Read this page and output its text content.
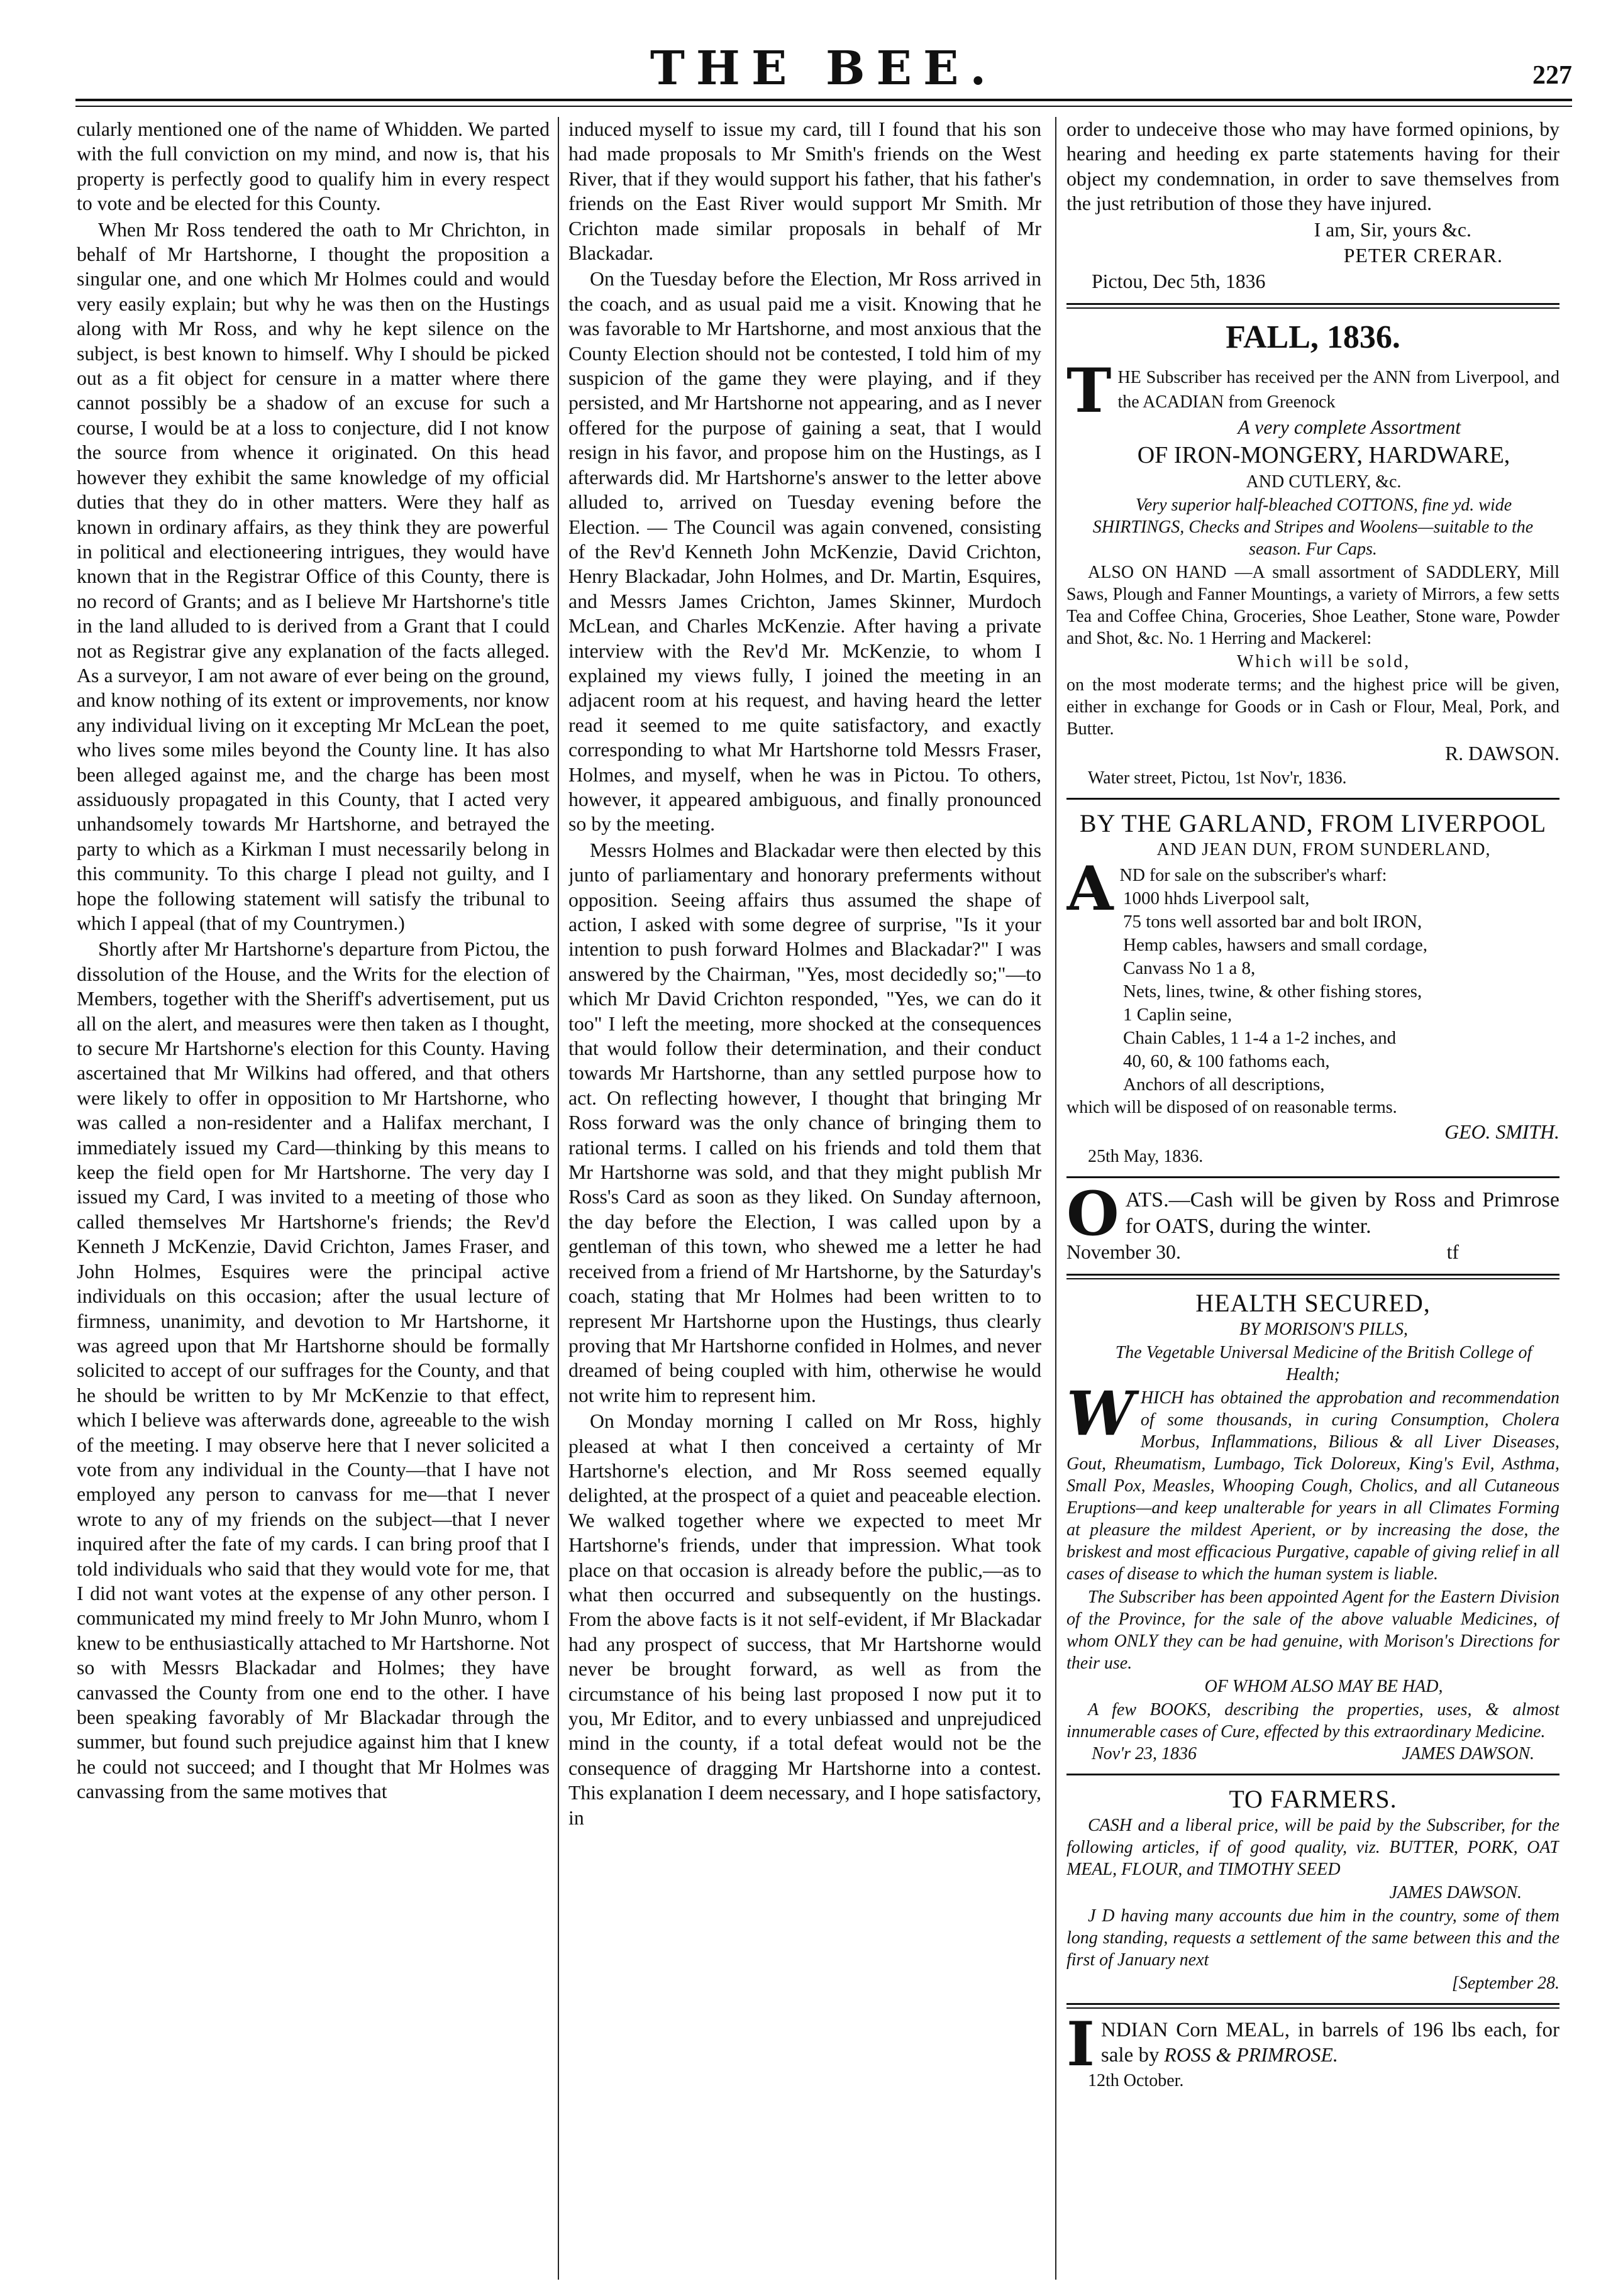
THE BEE.	227

cularly mentioned one of the name of Whidden. We parted with the full conviction on my mind, and now is, that his property is perfectly good to qualify him in every respect to vote and be elected for this County.

When Mr Ross tendered the oath to Mr Chrichton, in behalf of Mr Hartshorne, I thought the proposition a singular one, and one which Mr Holmes could and would very easily explain; but why he was then on the Hustings along with Mr Ross, and why he kept silence on the subject, is best known to himself. Why I should be picked out as a fit object for censure in a matter where there cannot possibly be a shadow of an excuse for such a course, I would be at a loss to conjecture, did I not know the source from whence it originated. On this head however they exhibit the same knowledge of my official duties that they do in other matters. Were they half as known in ordinary affairs, as they think they are powerful in political and electioneering intrigues, they would have known that in the Registrar Office of this County, there is no record of Grants; and as I believe Mr Hartshorne's title in the land alluded to is derived from a Grant that I could not as Registrar give any explanation of the facts alleged. As a surveyor, I am not aware of ever being on the ground, and know nothing of its extent or improvements, nor know any individual living on it excepting Mr McLean the poet, who lives some miles beyond the County line. It has also been alleged against me, and the charge has been most assiduously propagated in this County, that I acted very unhandsomely towards Mr Hartshorne, and betrayed the party to which as a Kirkman I must necessarily belong in this community. To this charge I plead not guilty, and I hope the following statement will satisfy the tribunal to which I appeal (that of my Countrymen.)

Shortly after Mr Hartshorne's departure from Pictou, the dissolution of the House, and the Writs for the election of Members, together with the Sheriff's advertisement, put us all on the alert, and measures were then taken as I thought, to secure Mr Hartshorne's election for this County. Having ascertained that Mr Wilkins had offered, and that others were likely to offer in opposition to Mr Hartshorne, who was called a non-residenter and a Halifax merchant, I immediately issued my Card—thinking by this means to keep the field open for Mr Hartshorne. The very day I issued my Card, I was invited to a meeting of those who called themselves Mr Hartshorne's friends; the Rev'd Kenneth J McKenzie, David Crichton, James Fraser, and John Holmes, Esquires were the principal active individuals on this occasion; after the usual lecture of firmness, unanimity, and devotion to Mr Hartshorne, it was agreed upon that Mr Hartshorne should be formally solicited to accept of our suffrages for the County, and that he should be written to by Mr McKenzie to that effect, which I believe was afterwards done, agreeable to the wish of the meeting. I may observe here that I never solicited a vote from any individual in the County—that I have not employed any person to canvass for me—that I never wrote to any of my friends on the subject—that I never inquired after the fate of my cards. I can bring proof that I told individuals who said that they would vote for me, that I did not want votes at the expense of any other person. I communicated my mind freely to Mr John Munro, whom I knew to be enthusiastically attached to Mr Hartshorne. Not so with Messrs Blackadar and Holmes; they have canvassed the County from one end to the other. I have been speaking favorably of Mr Blackadar through the summer, but found such prejudice against him that I knew he could not succeed; and I thought that Mr Holmes was canvassing from the same motives that

induced myself to issue my card, till I found that his son had made proposals to Mr Smith's friends on the West River, that if they would support his father, that his father's friends on the East River would support Mr Smith. Mr Crichton made similar proposals in behalf of Mr Blackadar.

On the Tuesday before the Election, Mr Ross arrived in the coach, and as usual paid me a visit. Knowing that he was favorable to Mr Hartshorne, and most anxious that the County Election should not be contested, I told him of my suspicion of the game they were playing, and if they persisted, and Mr Hartshorne not appearing, and as I never offered for the purpose of gaining a seat, that I would resign in his favor, and propose him on the Hustings, as I afterwards did. Mr Hartshorne's answer to the letter above alluded to, arrived on Tuesday evening before the Election. — The Council was again convened, consisting of the Rev'd Kenneth John McKenzie, David Crichton, Henry Blackadar, John Holmes, and Dr. Martin, Esquires, and Messrs James Crichton, James Skinner, Murdoch McLean, and Charles McKenzie. After having a private interview with the Rev'd Mr. McKenzie, to whom I explained my views fully, I joined the meeting in an adjacent room at his request, and having heard the letter read it seemed to me quite satisfactory, and exactly corresponding to what Mr Hartshorne told Messrs Fraser, Holmes, and myself, when he was in Pictou. To others, however, it appeared ambiguous, and finally pronounced so by the meeting.

Messrs Holmes and Blackadar were then elected by this junto of parliamentary and honorary preferments without opposition. Seeing affairs thus assumed the shape of action, I asked with some degree of surprise, "Is it your intention to push forward Holmes and Blackadar?" I was answered by the Chairman, "Yes, most decidedly so;"—to which Mr David Crichton responded, "Yes, we can do it too" I left the meeting, more shocked at the consequences that would follow their determination, and their conduct towards Mr Hartshorne, than any settled purpose how to act. On reflecting however, I thought that bringing Mr Ross forward was the only chance of bringing them to rational terms. I called on his friends and told them that Mr Hartshorne was sold, and that they might publish Mr Ross's Card as soon as they liked. On Sunday afternoon, the day before the Election, I was called upon by a gentleman of this town, who shewed me a letter he had received from a friend of Mr Hartshorne, by the Saturday's coach, stating that Mr Holmes had been written to to represent Mr Hartshorne upon the Hustings, thus clearly proving that Mr Hartshorne confided in Holmes, and never dreamed of being coupled with him, otherwise he would not write him to represent him.

On Monday morning I called on Mr Ross, highly pleased at what I then conceived a certainty of Mr Hartshorne's election, and Mr Ross seemed equally delighted, at the prospect of a quiet and peaceable election. We walked together where we expected to meet Mr Hartshorne's friends, under that impression. What took place on that occasion is already before the public,—as to what then occurred and subsequently on the hustings. From the above facts is it not self-evident, if Mr Blackadar had any prospect of success, that Mr Hartshorne would never be brought forward, as well as from the circumstance of his being last proposed I now put it to you, Mr Editor, and to every unbiassed and unprejudiced mind in the county, if a total defeat would not be the consequence of dragging Mr Hartshorne into a contest. This explanation I deem necessary, and I hope satisfactory, in

order to undeceive those who may have formed opinions, by hearing and heeding ex parte statements having for their object my condemnation, in order to save themselves from the just retribution of those they have injured.

I am, Sir, yours &c.

PETER CRERAR.

Pictou, Dec 5th, 1836

FALL, 1836.

THE Subscriber has received per the ANN from Liverpool, and the ACADIAN from Greenock

A very complete Assortment

OF IRON-MONGERY, HARDWARE,

AND CUTLERY, &c.

Very superior half-bleached COTTONS, fine yd. wide SHIRTINGS, Checks and Stripes and Woolens—suitable to the season. Fur Caps.

ALSO ON HAND —A small assortment of SADDLERY, Mill Saws, Plough and Fanner Mountings, a variety of Mirrors, a few setts Tea and Coffee China, Groceries, Shoe Leather, Stone ware, Powder and Shot, &c. No. 1 Herring and Mackerel:

Which will be sold,

on the most moderate terms; and the highest price will be given, either in exchange for Goods or in Cash or Flour, Meal, Pork, and Butter.

R. DAWSON.

Water street, Pictou, 1st Nov'r, 1836.

BY THE GARLAND, FROM LIVERPOOL

AND JEAN DUN, FROM SUNDERLAND,

AND for sale on the subscriber's wharf:

1000 hhds Liverpool salt,
75 tons well assorted bar and bolt IRON,
Hemp cables, hawsers and small cordage,
Canvass No 1 a 8,
Nets, lines, twine, & other fishing stores,
1 Caplin seine,
Chain Cables, 1 1-4 a 1-2 inches, and
40, 60, & 100 fathoms each,
Anchors of all descriptions,

which will be disposed of on reasonable terms.

GEO. SMITH.

25th May, 1836.

OATS.—Cash will be given by Ross and Primrose for OATS, during the winter.

November 30.	tf
HEALTH SECURED,

BY MORISON'S PILLS,

The Vegetable Universal Medicine of the British College of Health;

WHICH has obtained the approbation and recommendation of some thousands, in curing Consumption, Cholera Morbus, Inflammations, Bilious & all Liver Diseases, Gout, Rheumatism, Lumbago, Tick Doloreux, King's Evil, Asthma, Small Pox, Measles, Whooping Cough, Cholics, and all Cutaneous Eruptions—and keep unalterable for years in all Climates Forming at pleasure the mildest Aperient, or by increasing the dose, the briskest and most efficacious Purgative, capable of giving relief in all cases of disease to which the human system is liable.

The Subscriber has been appointed Agent for the Eastern Division of the Province, for the sale of the above valuable Medicines, of whom ONLY they can be had genuine, with Morison's Directions for their use.

OF WHOM ALSO MAY BE HAD,

A few BOOKS, describing the properties, uses, & almost innumerable cases of Cure, effected by this extraordinary Medicine.

Nov'r 23, 1836	JAMES DAWSON.
TO FARMERS.

CASH and a liberal price, will be paid by the Subscriber, for the following articles, if of good quality, viz. BUTTER, PORK, OAT MEAL, FLOUR, and TIMOTHY SEED

JAMES DAWSON.

J D having many accounts due him in the country, some of them long standing, requests a settlement of the same between this and the first of January next

[September 28.

INDIAN Corn MEAL, in barrels of 196 lbs each, for sale by ROSS & PRIMROSE.

12th October.
